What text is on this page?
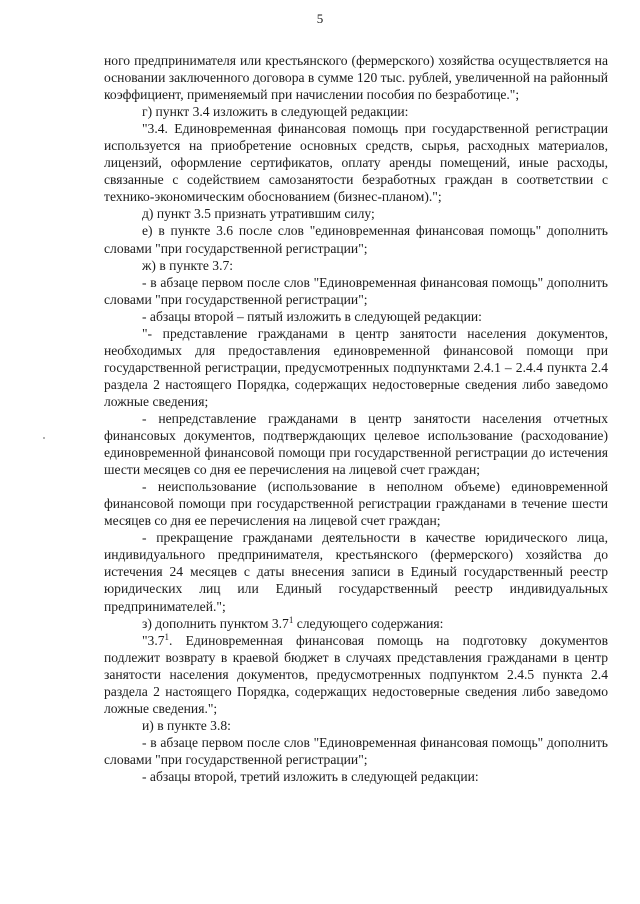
5

ного предпринимателя или крестьянского (фермерского) хозяйства осуществляется на основании заключенного договора в сумме 120 тыс. рублей, увеличенной на районный коэффициент, применяемый при начислении пособия по безработице.";

г) пункт 3.4 изложить в следующей редакции:

"3.4. Единовременная финансовая помощь при государственной регистрации используется на приобретение основных средств, сырья, расходных материалов, лицензий, оформление сертификатов, оплату аренды помещений, иные расходы, связанные с содействием самозанятости безработных граждан в соответствии с технико-экономическим обоснованием (бизнес-планом).";

д) пункт 3.5 признать утратившим силу;

е) в пункте 3.6 после слов "единовременная финансовая помощь" дополнить словами "при государственной регистрации";

ж) в пункте 3.7:

- в абзаце первом после слов "Единовременная финансовая помощь" дополнить словами "при государственной регистрации";

- абзацы второй – пятый изложить в следующей редакции:

"- представление гражданами в центр занятости населения документов, необходимых для предоставления единовременной финансовой помощи при государственной регистрации, предусмотренных подпунктами 2.4.1 – 2.4.4 пункта 2.4 раздела 2 настоящего Порядка, содержащих недостоверные сведения либо заведомо ложные сведения;

- непредставление гражданами в центр занятости населения отчетных финансовых документов, подтверждающих целевое использование (расходование) единовременной финансовой помощи при государственной регистрации до истечения шести месяцев со дня ее перечисления на лицевой счет граждан;

- неиспользование (использование в неполном объеме) единовременной финансовой помощи при государственной регистрации гражданами в течение шести месяцев со дня ее перечисления на лицевой счет граждан;

- прекращение гражданами деятельности в качестве юридического лица, индивидуального предпринимателя, крестьянского (фермерского) хозяйства до истечения 24 месяцев с даты внесения записи в Единый государственный реестр юридических лиц или Единый государственный реестр индивидуальных предпринимателей.";

з) дополнить пунктом $3.7^1$ следующего содержания:

"$3.7^1$. Единовременная финансовая помощь на подготовку документов подлежит возврату в краевой бюджет в случаях представления гражданами в центр занятости населения документов, предусмотренных подпунктом 2.4.5 пункта 2.4 раздела 2 настоящего Порядка, содержащих недостоверные сведения либо заведомо ложные сведения.";

и) в пункте 3.8:

- в абзаце первом после слов "Единовременная финансовая помощь" дополнить словами "при государственной регистрации";

- абзацы второй, третий изложить в следующей редакции:
